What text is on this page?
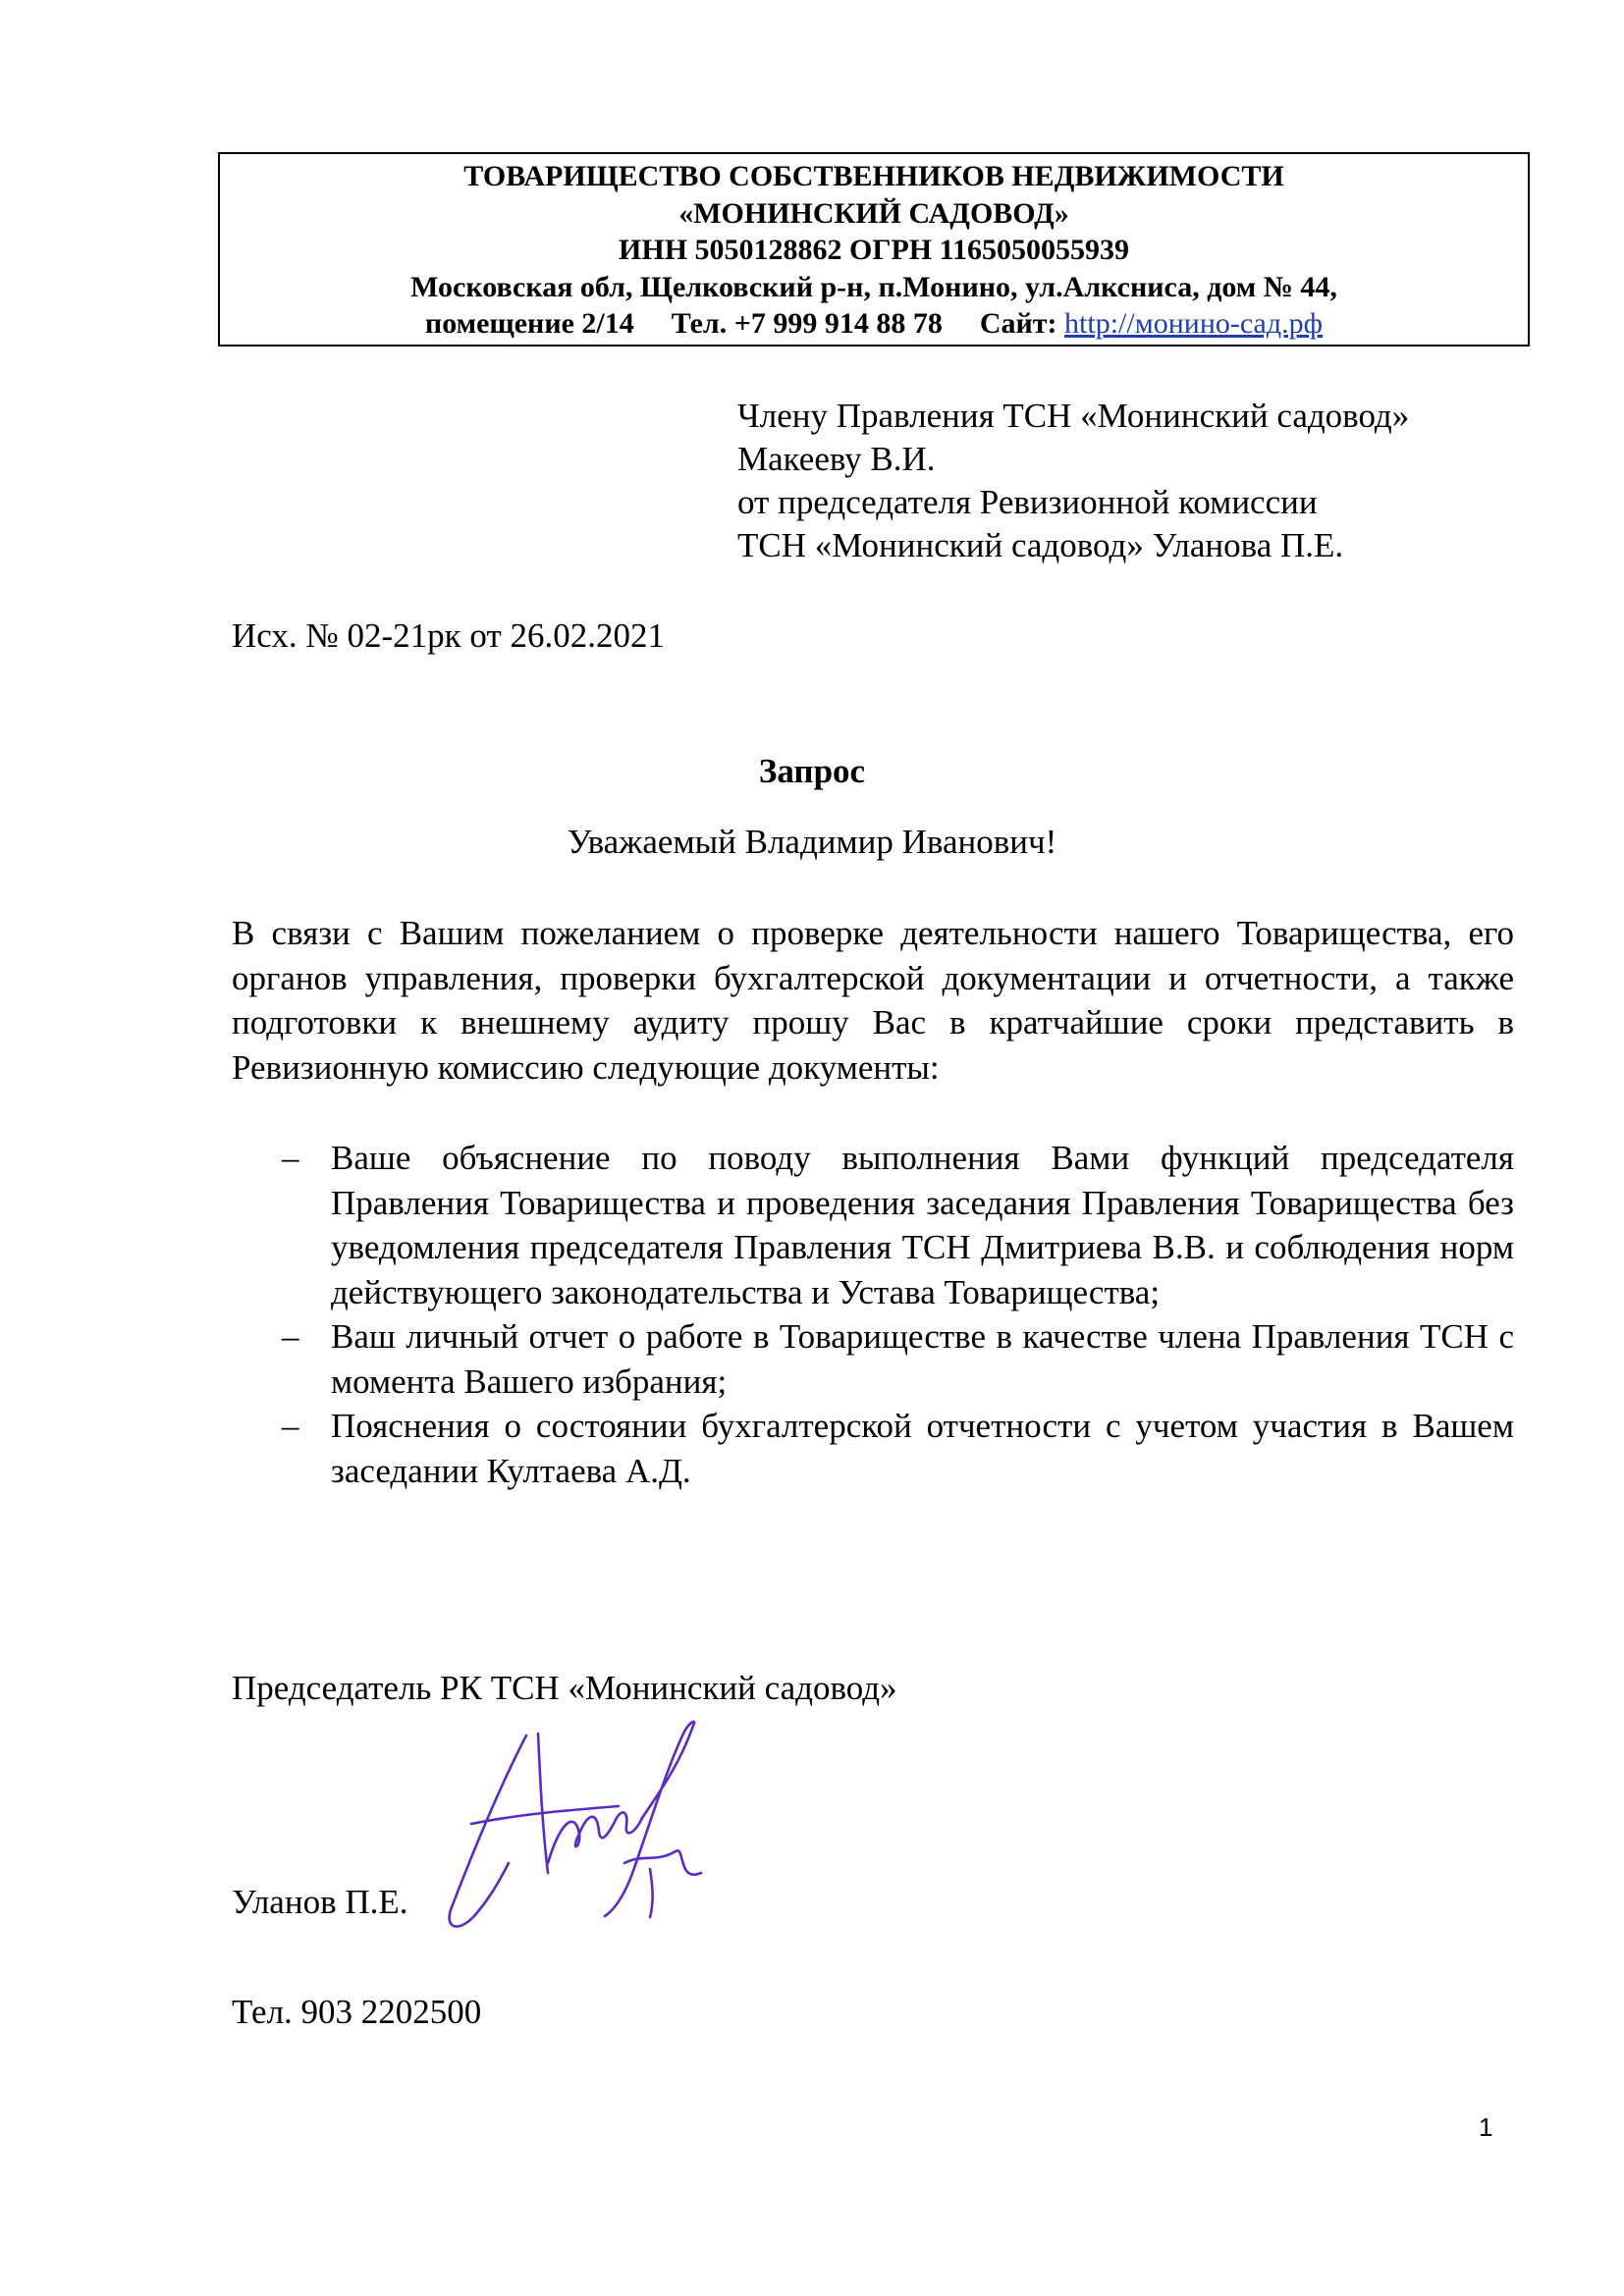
ТОВАРИЩЕСТВО СОБСТВЕННИКОВ НЕДВИЖИМОСТИ
«МОНИНСКИЙ САДОВОД»
ИНН 5050128862 ОГРН 1165050055939
Московская обл, Щелковский р-н, п.Монино, ул.Алксниса, дом № 44,
помещение 2/14 Тел. +7 999 914 88 78 Сайт: http://монино-сад.рф
Члену Правления ТСН «Монинский садовод»
Макееву В.И.
от председателя Ревизионной комиссии
ТСН «Монинский садовод» Уланова П.Е.
Исх. № 02-21рк от 26.02.2021
Запрос
Уважаемый Владимир Иванович!
В связи с Вашим пожеланием о проверке деятельности нашего Товарищества, его органов управления, проверки бухгалтерской документации и отчетности, а также подготовки к внешнему аудиту прошу Вас в кратчайшие сроки представить в Ревизионную комиссию следующие документы:
– Ваше объяснение по поводу выполнения Вами функций председателя Правления Товарищества и проведения заседания Правления Товарищества без уведомления председателя Правления ТСН Дмитриева В.В. и соблюдения норм действующего законодательства и Устава Товарищества;
– Ваш личный отчет о работе в Товариществе в качестве члена Правления ТСН с момента Вашего избрания;
– Пояснения о состоянии бухгалтерской отчетности с учетом участия в Вашем заседании Култаева А.Д.
Председатель РК ТСН «Монинский садовод»
Уланов П.Е.
Тел. 903 2202500
1
